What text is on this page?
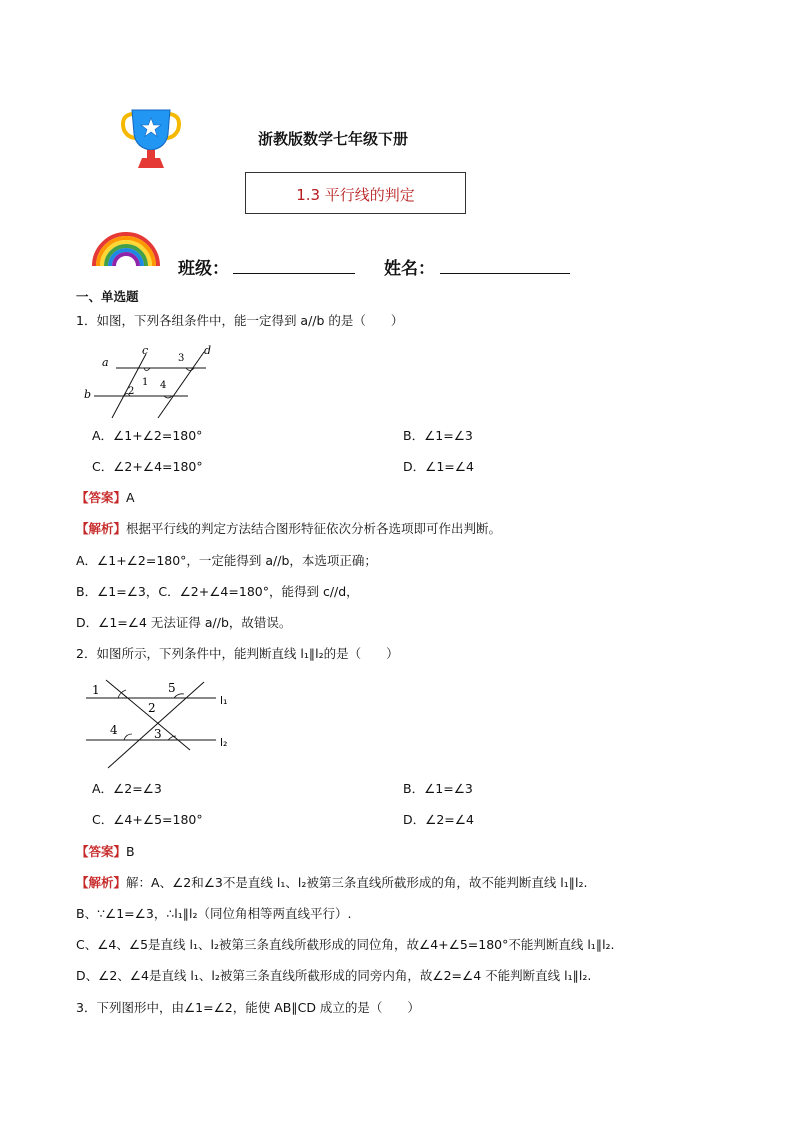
浙教版数学七年级下册
1.3 平行线的判定
班级：	姓名：
一、单选题
1．如图，下列各组条件中，能一定得到 a//b 的是（　　）
a
b
c	d
1
2
3
4
A．∠1+∠2=180°	B．∠1=∠3
C．∠2+∠4=180°	D．∠1=∠4
【答案】A
【解析】根据平行线的判定方法结合图形特征依次分析各选项即可作出判断。
A．∠1+∠2=180°，一定能得到 a//b，本选项正确；
B．∠1=∠3，C．∠2+∠4=180°，能得到 c//d，
D．∠1=∠4 无法证得 a//b，故错误。
2．如图所示，下列条件中，能判断直线 l₁∥l₂的是（　　）
1
2
3
4
5
l₁
l₂
A．∠2=∠3	B．∠1=∠3
C．∠4+∠5=180°	D．∠2=∠4
【答案】B
【解析】解：A、∠2和∠3不是直线 l₁、l₂被第三条直线所截形成的角，故不能判断直线 l₁∥l₂.
B、∵∠1=∠3，∴l₁∥l₂（同位角相等两直线平行）.
C、∠4、∠5是直线 l₁、l₂被第三条直线所截形成的同位角，故∠4+∠5=180°不能判断直线 l₁∥l₂.
D、∠2、∠4是直线 l₁、l₂被第三条直线所截形成的同旁内角，故∠2=∠4 不能判断直线 l₁∥l₂.
3．下列图形中，由∠1=∠2，能使 AB∥CD 成立的是（　　）
